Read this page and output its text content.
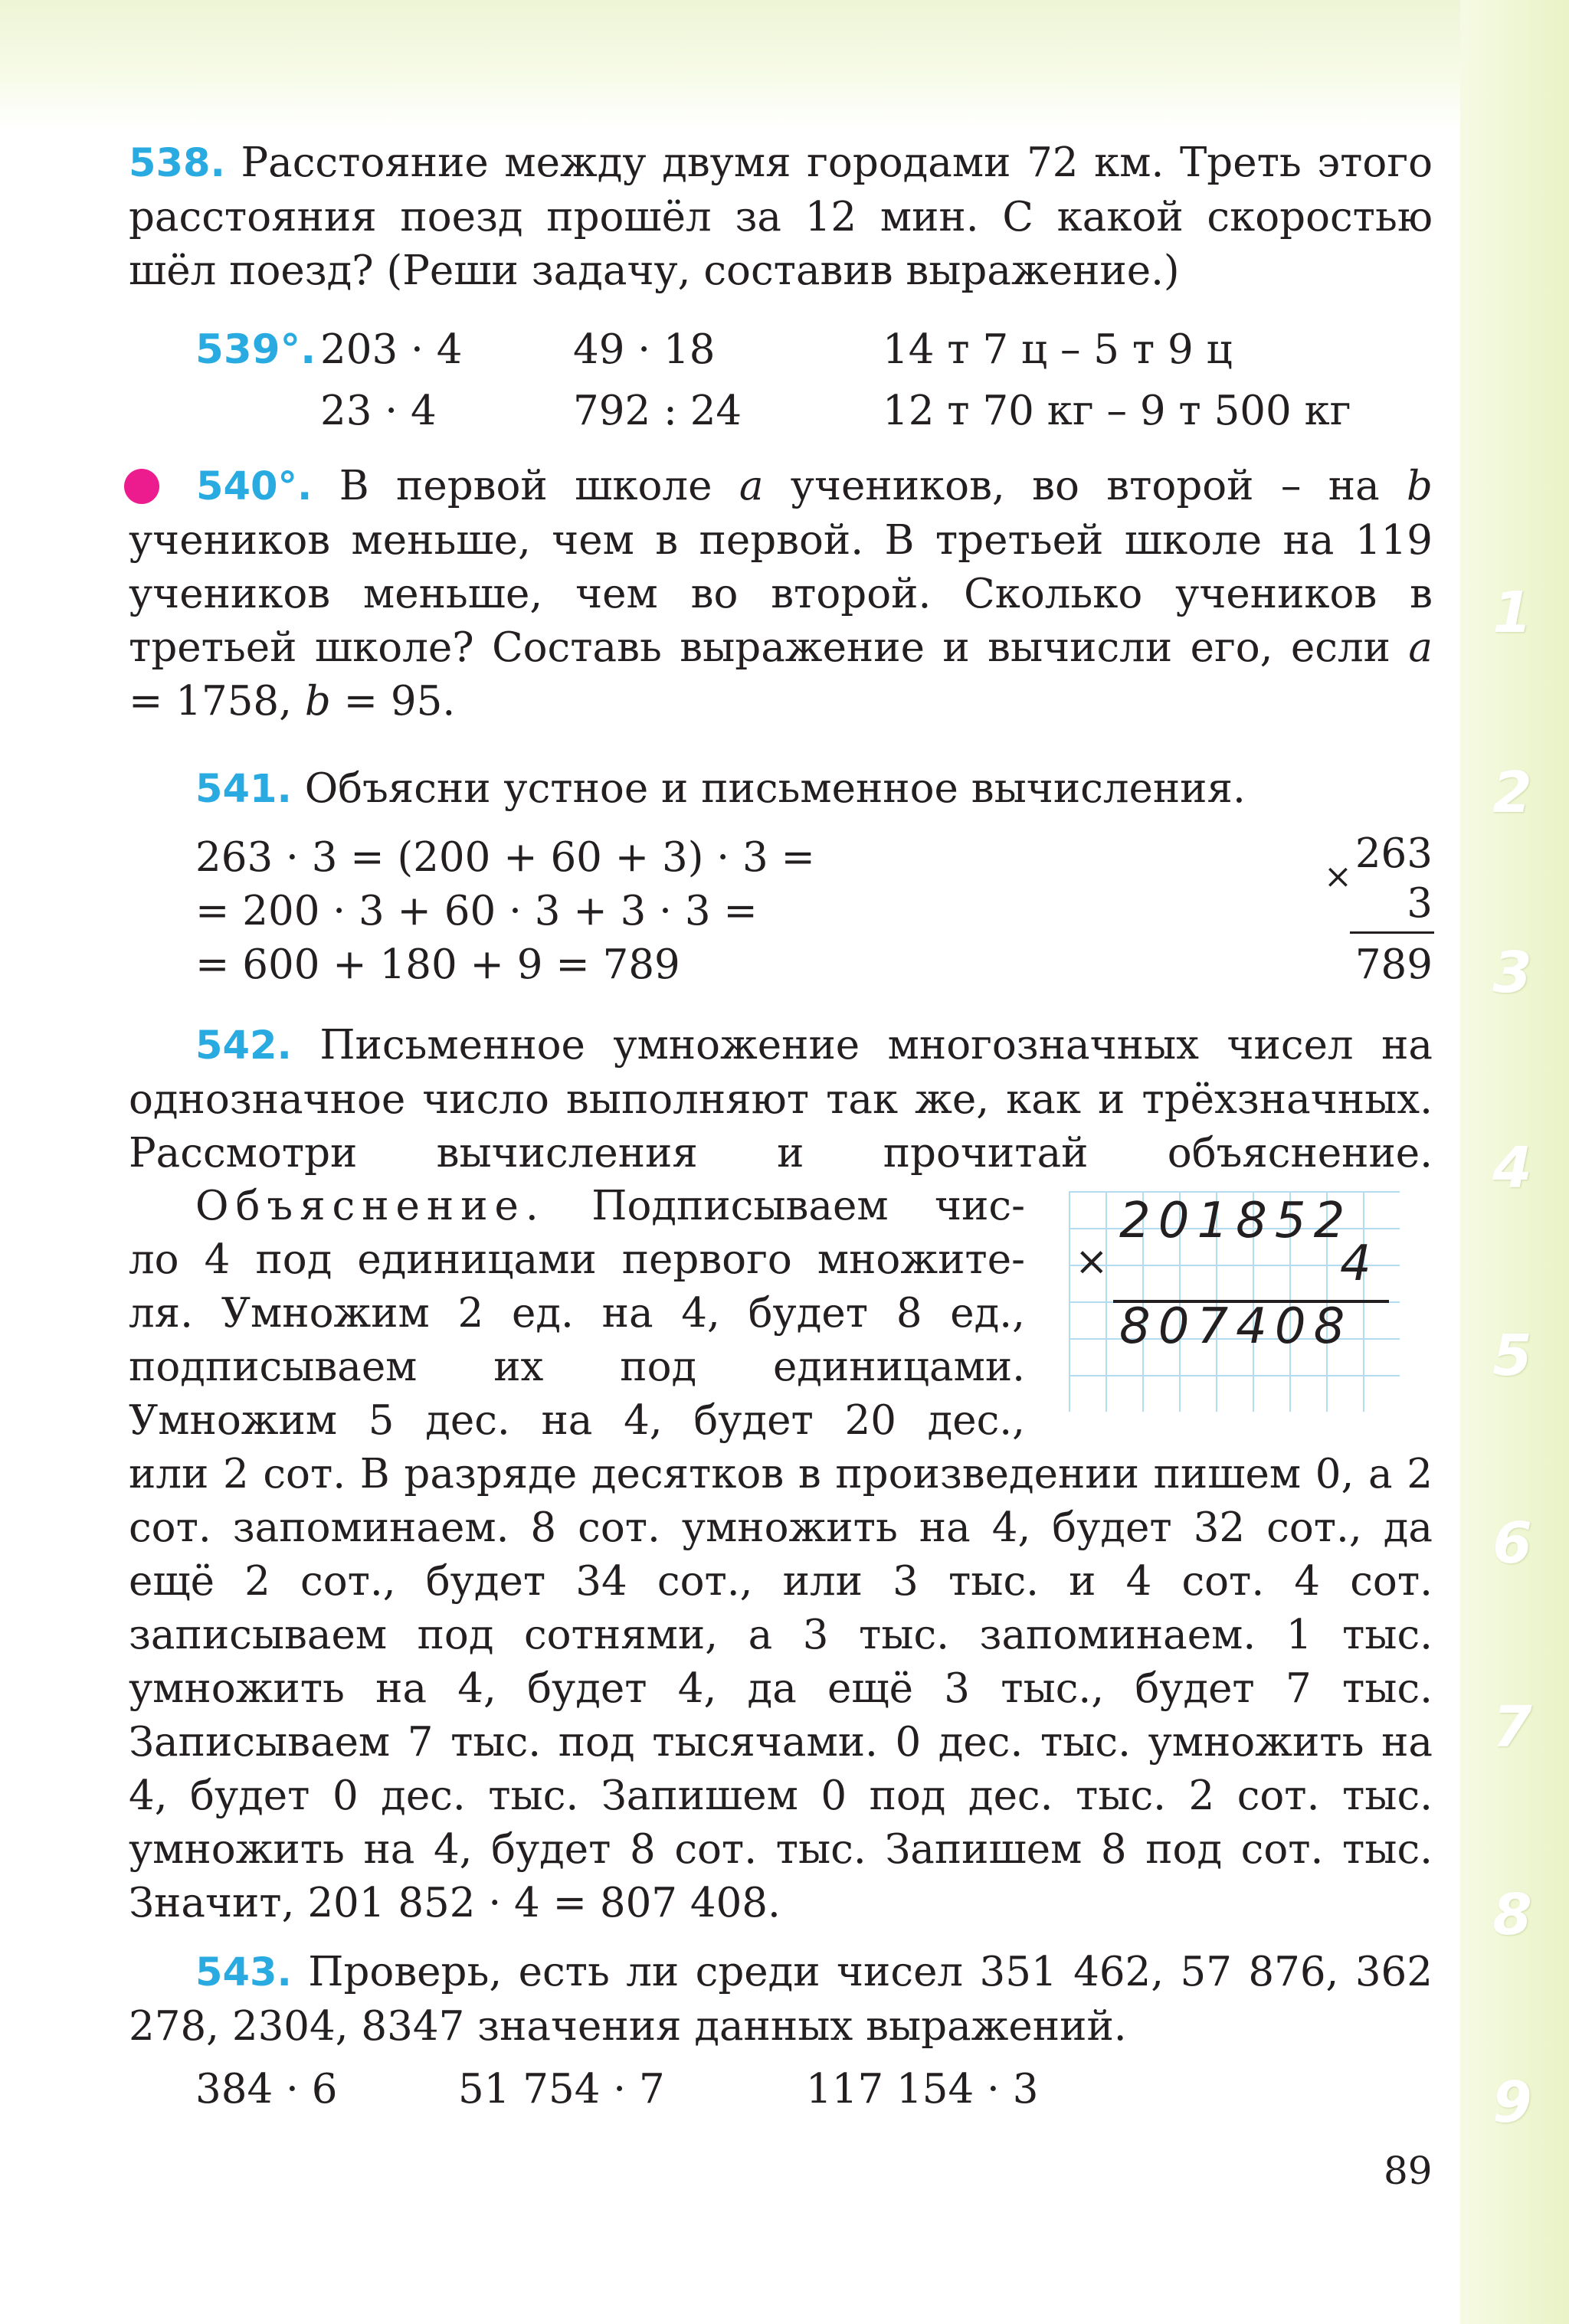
1
2
3
4
5
6
7
8
9

538. Расстояние между двумя городами 72 км. Треть этого расстояния поезд прошёл за 12 мин. С какой скоростью шёл поезд? (Реши задачу, составив выражение.)

539°. 203 · 4	49 · 18	14 т 7 ц – 5 т 9 ц
23 · 4	792 : 24	12 т 70 кг – 9 т 500 кг

540°. В первой школе a учеников, во второй – на b учеников меньше, чем в первой. В третьей школе на 119 учеников меньше, чем во второй. Сколько учеников в третьей школе? Составь выражение и вычисли его, если a = 1758, b = 95.

541. Объясни устное и письменное вычисления.
263 · 3 = (200 + 60 + 3) · 3 =
= 200 · 3 + 60 · 3 + 3 · 3 =
= 600 + 180 + 9 = 789
× 263
3
789

542. Письменное умножение многозначных чисел на однозначное число выполняют так же, как и трёхзначных. Рассмотри вычисления и прочитай объяснение.

Объяснение. Подписываем чис-
ло 4 под единицами первого множите-
ля. Умножим 2 ед. на 4, будет 8 ед.,
подписываем их под единицами.
Умножим 5 дес. на 4, будет 20 дес.,
×
201852
4
807408

или 2 сот. В разряде десятков в произведении пишем 0, а 2 сот. запоминаем. 8 сот. умножить на 4, будет 32 сот., да ещё 2 сот., будет 34 сот., или 3 тыс. и 4 сот. 4 сот. записываем под сотнями, а 3 тыс. запоминаем. 1 тыс. умножить на 4, будет 4, да ещё 3 тыс., будет 7 тыс. Записываем 7 тыс. под тысячами. 0 дес. тыс. умножить на 4, будет 0 дес. тыс. Запишем 0 под дес. тыс. 2 сот. тыс. умножить на 4, будет 8 сот. тыс. Запишем 8 под сот. тыс. Значит, 201 852 · 4 = 807 408.

543. Проверь, есть ли среди чисел 351 462, 57 876, 362 278, 2304, 8347 значения данных выражений.

384 · 6	51 754 · 7	117 154 · 3
89
